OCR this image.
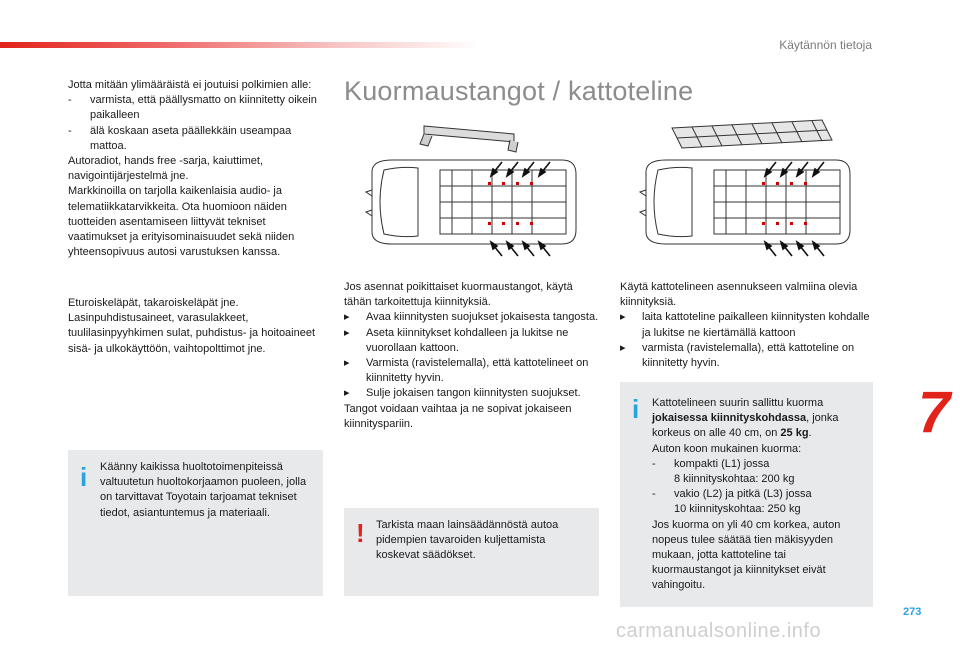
Käytännön tietoja
Jotta mitään ylimääräistä ei joutuisi polkimien alle:
- varmista, että päällysmatto on kiinnitetty oikein paikalleen
- älä koskaan aseta päällekkäin useampaa mattoa.
Autoradiot, hands free -sarja, kaiuttimet, navigointijärjestelmä jne.
Markkinoilla on tarjolla kaikenlaisia audio- ja telematiikkatarvikkeita. Ota huomioon näiden tuotteiden asentamiseen liittyvät tekniset vaatimukset ja erityisominaisuudet sekä niiden yhteensopivuus autosi varustuksen kanssa.
Eturoiskeläpät, takaroiskeläpät jne. Lasinpuhdistusaineet, varasulakkeet, tuulilasinpyyhkimen sulat, puhdistus- ja hoitoaineet sisä- ja ulkokäyttöön, vaihtopolttimot jne.
i Käänny kaikissa huoltotoimenpiteissä valtuutetun huoltokorjaamon puoleen, jolla on tarvittavat Toyotain tarjoamat tekniset tiedot, asiantuntemus ja materiaali.
Kuormaustangot / kattoteline
Jos asennat poikittaiset kuormaustangot, käytä tähän tarkoitettuja kiinnityksiä.
▸ Avaa kiinnitysten suojukset jokaisesta tangosta.
▸ Aseta kiinnitykset kohdalleen ja lukitse ne vuorollaan kattoon.
▸ Varmista (ravistelemalla), että kattotelineet on kiinnitetty hyvin.
▸ Sulje jokaisen tangon kiinnitysten suojukset.
Tangot voidaan vaihtaa ja ne sopivat jokaiseen kiinnityspariin.
! Tarkista maan lainsäädännöstä autoa pidempien tavaroiden kuljettamista koskevat säädökset.
Käytä kattotelineen asennukseen valmiina olevia kiinnityksiä.
▸ laita kattoteline paikalleen kiinnitysten kohdalle ja lukitse ne kiertämällä kattoon
▸ varmista (ravistelemalla), että kattoteline on kiinnitetty hyvin.
i Kattotelineen suurin sallittu kuorma jokaisessa kiinnityskohdassa, jonka korkeus on alle 40 cm, on 25 kg.
Auton koon mukainen kuorma:
- kompakti (L1) jossa
8 kiinnityskohtaa: 200 kg
- vakio (L2) ja pitkä (L3) jossa
10 kiinnityskohtaa: 250 kg
Jos kuorma on yli 40 cm korkea, auton nopeus tulee säätää tien mäkisyyden mukaan, jotta kattoteline tai kuormaustangot ja kiinnitykset eivät vahingoitu.
7
273
carmanualsonline.info
